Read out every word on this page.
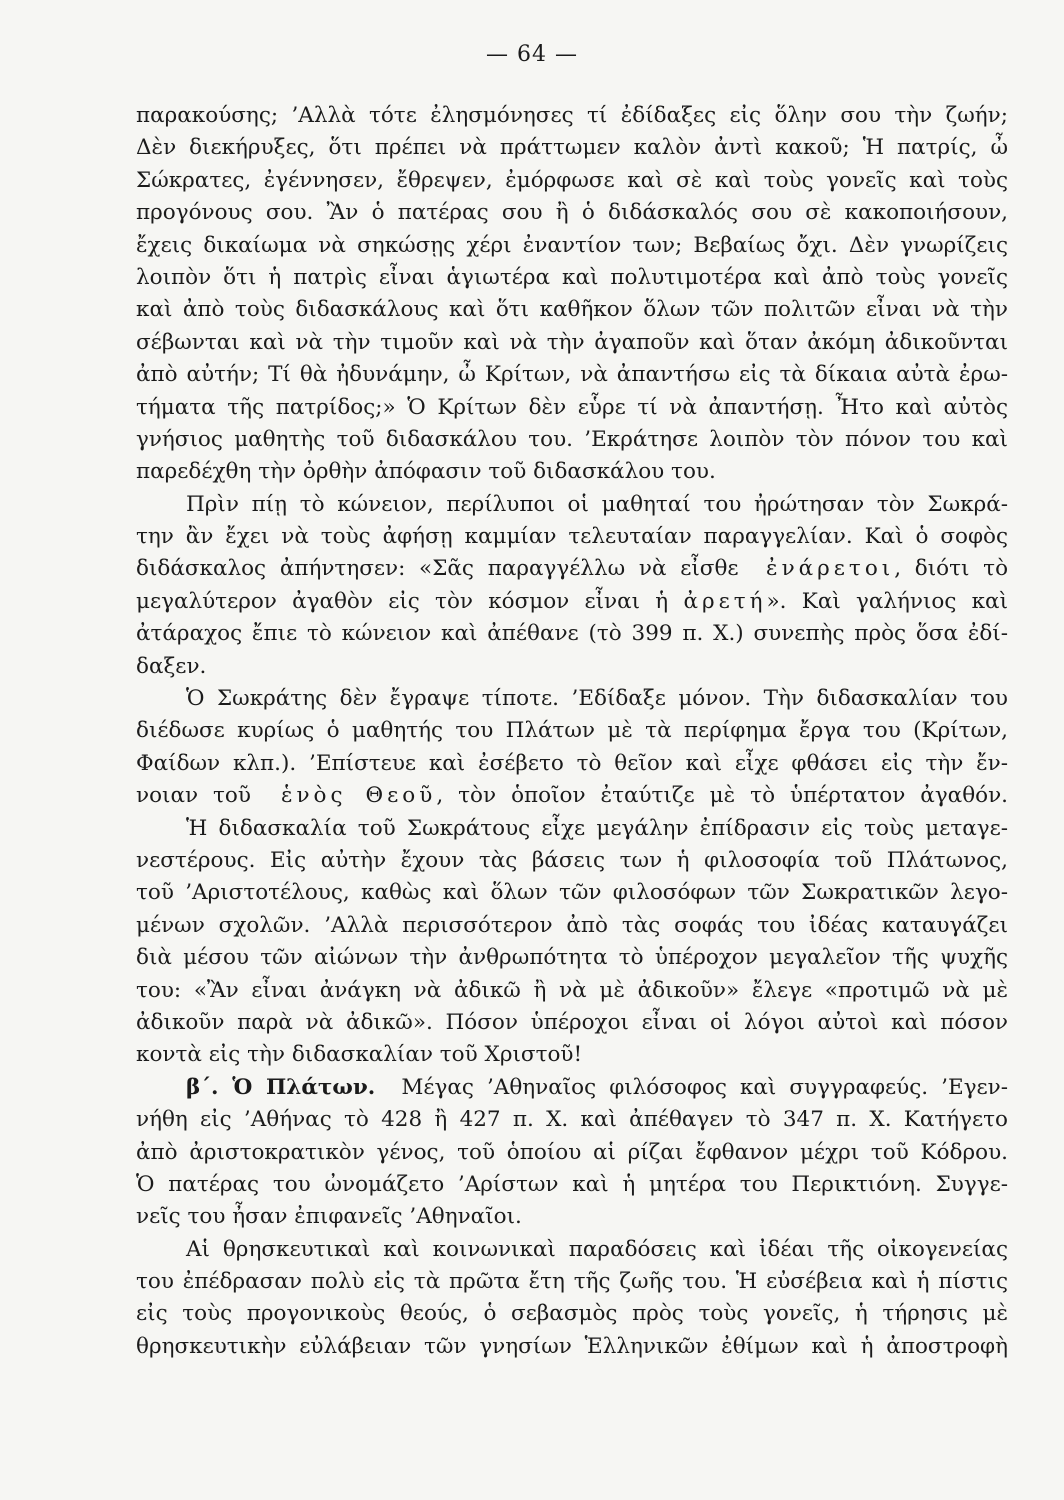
— 64 —
παρακούσης; ’Αλλὰ τότε ἐλησμόνησες τί ἐδίδαξες εἰς ὅλην σου τὴν ζωήν;
Δὲν διεκήρυξες, ὅτι πρέπει νὰ πράττωμεν καλὸν ἀντὶ κακοῦ; Ἡ πατρίς, ὦ
Σώκρατες, ἐγέννησεν, ἔθρεψεν, ἐμόρφωσε καὶ σὲ καὶ τοὺς γονεῖς καὶ τοὺς
προγόνους σου. Ἂν ὁ πατέρας σου ἢ ὁ διδάσκαλός σου σὲ κακοποιήσουν,
ἔχεις δικαίωμα νὰ σηκώσῃς χέρι ἐναντίον των; Βεβαίως ὄχι. Δὲν γνωρίζεις
λοιπὸν ὅτι ἡ πατρὶς εἶναι ἁγιωτέρα καὶ πολυτιμοτέρα καὶ ἀπὸ τοὺς γονεῖς
καὶ ἀπὸ τοὺς διδασκάλους καὶ ὅτι καθῆκον ὅλων τῶν πολιτῶν εἶναι νὰ τὴν
σέβωνται καὶ νὰ τὴν τιμοῦν καὶ νὰ τὴν ἀγαποῦν καὶ ὅταν ἀκόμη ἀδικοῦνται
ἀπὸ αὐτήν; Τί θὰ ἠδυνάμην, ὦ Κρίτων, νὰ ἀπαντήσω εἰς τὰ δίκαια αὐτὰ ἐρω-
τήματα τῆς πατρίδος;» Ὁ Κρίτων δὲν εὗρε τί νὰ ἀπαντήσῃ. Ἦτο καὶ αὐτὸς
γνήσιος μαθητὴς τοῦ διδασκάλου του. ’Εκράτησε λοιπὸν τὸν πόνον του καὶ
παρεδέχθη τὴν ὀρθὴν ἀπόφασιν τοῦ διδασκάλου του.
Πρὶν πίῃ τὸ κώνειον, περίλυποι οἱ μαθηταί του ἠρώτησαν τὸν Σωκρά-
την ἂν ἔχει νὰ τοὺς ἀφήσῃ καμμίαν τελευταίαν παραγγελίαν. Καὶ ὁ σοφὸς
διδάσκαλος ἀπήντησεν: «Σᾶς παραγγέλλω νὰ εἶσθε ἐνάρετοι, διότι τὸ
μεγαλύτερον ἀγαθὸν εἰς τὸν κόσμον εἶναι ἡ ἀρετή». Καὶ γαλήνιος καὶ
ἀτάραχος ἔπιε τὸ κώνειον καὶ ἀπέθανε (τὸ 399 π. Χ.) συνεπὴς πρὸς ὅσα ἐδί-
δαξεν.
Ὁ Σωκράτης δὲν ἔγραψε τίποτε. ’Εδίδαξε μόνον. Τὴν διδασκαλίαν του
διέδωσε κυρίως ὁ μαθητής του Πλάτων μὲ τὰ περίφημα ἔργα του (Κρίτων,
Φαίδων κλπ.). ’Επίστευε καὶ ἐσέβετο τὸ θεῖον καὶ εἶχε φθάσει εἰς τὴν ἔν-
νοιαν τοῦ ἑνὸς Θεοῦ, τὸν ὁποῖον ἐταύτιζε μὲ τὸ ὑπέρτατον ἀγαθόν.
Ἡ διδασκαλία τοῦ Σωκράτους εἶχε μεγάλην ἐπίδρασιν εἰς τοὺς μεταγε-
νεστέρους. Εἰς αὐτὴν ἔχουν τὰς βάσεις των ἡ φιλοσοφία τοῦ Πλάτωνος,
τοῦ ’Αριστοτέλους, καθὼς καὶ ὅλων τῶν φιλοσόφων τῶν Σωκρατικῶν λεγο-
μένων σχολῶν. ’Αλλὰ περισσότερον ἀπὸ τὰς σοφάς του ἰδέας καταυγάζει
διὰ μέσου τῶν αἰώνων τὴν ἀνθρωπότητα τὸ ὑπέροχον μεγαλεῖον τῆς ψυχῆς
του: «Ἂν εἶναι ἀνάγκη νὰ ἀδικῶ ἢ νὰ μὲ ἀδικοῦν» ἔλεγε «προτιμῶ νὰ μὲ
ἀδικοῦν παρὰ νὰ ἀδικῶ». Πόσον ὑπέροχοι εἶναι οἱ λόγοι αὐτοὶ καὶ πόσον
κοντὰ εἰς τὴν διδασκαλίαν τοῦ Χριστοῦ!
β΄. Ὁ Πλάτων. Μέγας ’Αθηναῖος φιλόσοφος καὶ συγγραφεύς. ’Εγεν-
νήθη εἰς ’Αθήνας τὸ 428 ἢ 427 π. Χ. καὶ ἀπέθαγεν τὸ 347 π. Χ. Κατήγετο
ἀπὸ ἀριστοκρατικὸν γένος, τοῦ ὁποίου αἱ ρίζαι ἔφθανον μέχρι τοῦ Κόδρου.
Ὁ πατέρας του ὠνομάζετο ’Αρίστων καὶ ἡ μητέρα του Περικτιόνη. Συγγε-
νεῖς του ἦσαν ἐπιφανεῖς ’Αθηναῖοι.
Αἱ θρησκευτικαὶ καὶ κοινωνικαὶ παραδόσεις καὶ ἰδέαι τῆς οἰκογενείας
του ἐπέδρασαν πολὺ εἰς τὰ πρῶτα ἔτη τῆς ζωῆς του. Ἡ εὐσέβεια καὶ ἡ πίστις
εἰς τοὺς προγονικοὺς θεούς, ὁ σεβασμὸς πρὸς τοὺς γονεῖς, ἡ τήρησις μὲ
θρησκευτικὴν εὐλάβειαν τῶν γνησίων Ἑλληνικῶν ἐθίμων καὶ ἡ ἀποστροφὴ
